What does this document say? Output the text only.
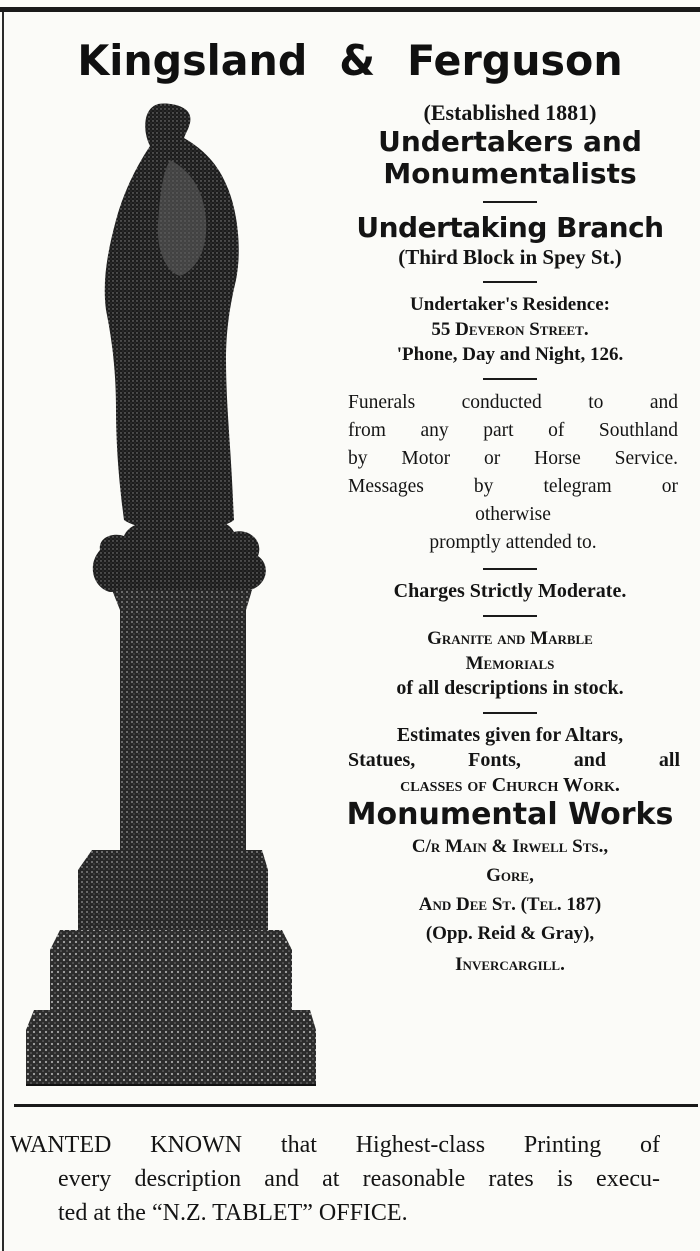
Kingsland & Ferguson
(Established 1881)
Undertakers and
Monumentalists
Undertaking Branch
(Third Block in Spey St.)
Undertaker's Residence:
55 Deveron Street.
'Phone, Day and Night, 126.
Funerals conducted to and
from any part of Southland
by Motor or Horse Service.
Messages by telegram or
otherwise
promptly attended to.
Charges Strictly Moderate.
Granite and Marble
Memorials
of all descriptions in stock.
Estimates given for Altars,
Statues, Fonts, and all
classes of Church Work.
Monumental Works
C/r Main & Irwell Sts.,
Gore,
And Dee St. (Tel. 187)
(Opp. Reid & Gray),
Invercargill.
WANTED KNOWN that Highest-class Printing of
every description and at reasonable rates is execu-
ted at the “N.Z. TABLET” OFFICE.
